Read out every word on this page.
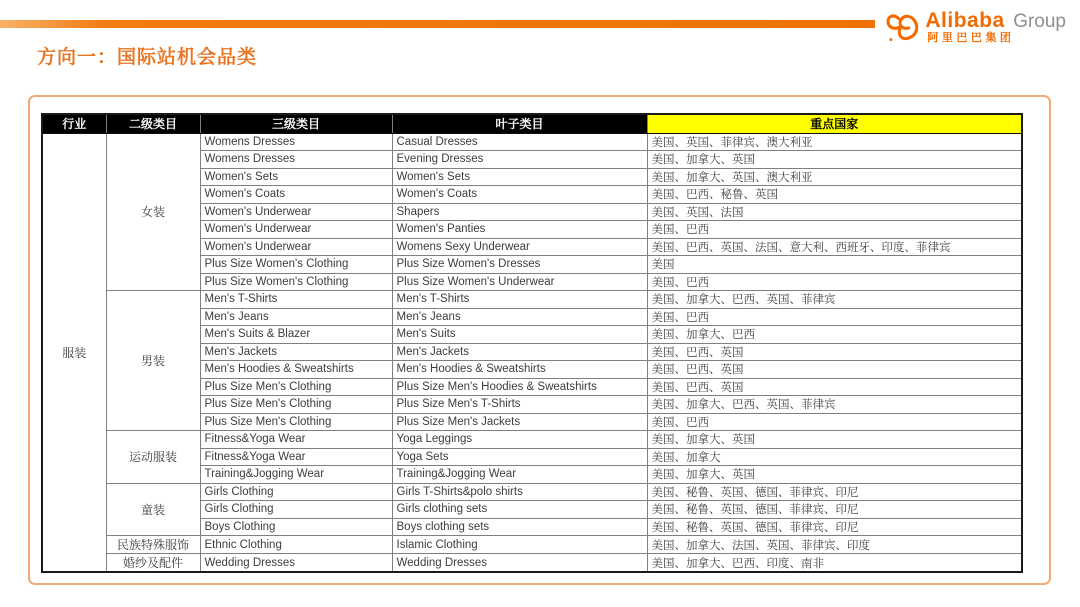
Alibaba Group
阿里巴巴集团
方向一：国际站机会品类
行业	二级类目	三级类目	叶子类目	重点国家
服装	女装	Womens Dresses	Casual Dresses	美国、英国、菲律宾、澳大利亚
		Womens Dresses	Evening Dresses	美国、加拿大、英国
		Women's Sets	Women's Sets	美国、加拿大、英国、澳大利亚
		Women's Coats	Women's Coats	美国、巴西、秘鲁、英国
		Women's Underwear	Shapers	美国、英国、法国
		Women's Underwear	Women's Panties	美国、巴西
		Women's Underwear	Womens Sexy Underwear	美国、巴西、英国、法国、意大利、西班牙、印度、菲律宾
		Plus Size Women's Clothing	Plus Size Women's Dresses	美国
		Plus Size Women's Clothing	Plus Size Women's Underwear	美国、巴西
	男装	Men's T-Shirts	Men's T-Shirts	美国、加拿大、巴西、英国、菲律宾
		Men's Jeans	Men's Jeans	美国、巴西
		Men's Suits & Blazer	Men's Suits	美国、加拿大、巴西
		Men's Jackets	Men's Jackets	美国、巴西、英国
		Men's Hoodies & Sweatshirts	Men's Hoodies & Sweatshirts	美国、巴西、英国
		Plus Size Men's Clothing	Plus Size Men's Hoodies & Sweatshirts	美国、巴西、英国
		Plus Size Men's Clothing	Plus Size Men's T-Shirts	美国、加拿大、巴西、英国、菲律宾
		Plus Size Men's Clothing	Plus Size Men's Jackets	美国、巴西
	运动服装	Fitness&Yoga Wear	Yoga Leggings	美国、加拿大、英国
		Fitness&Yoga Wear	Yoga Sets	美国、加拿大
		Training&Jogging Wear	Training&Jogging Wear	美国、加拿大、英国
	童装	Girls Clothing	Girls T-Shirts&polo shirts	美国、秘鲁、英国、德国、菲律宾、印尼
		Girls Clothing	Girls clothing sets	美国、秘鲁、英国、德国、菲律宾、印尼
		Boys Clothing	Boys clothing sets	美国、秘鲁、英国、德国、菲律宾、印尼
	民族特殊服饰	Ethnic Clothing	Islamic Clothing	美国、加拿大、法国、英国、菲律宾、印度
	婚纱及配件	Wedding Dresses	Wedding Dresses	美国、加拿大、巴西、印度、南非
